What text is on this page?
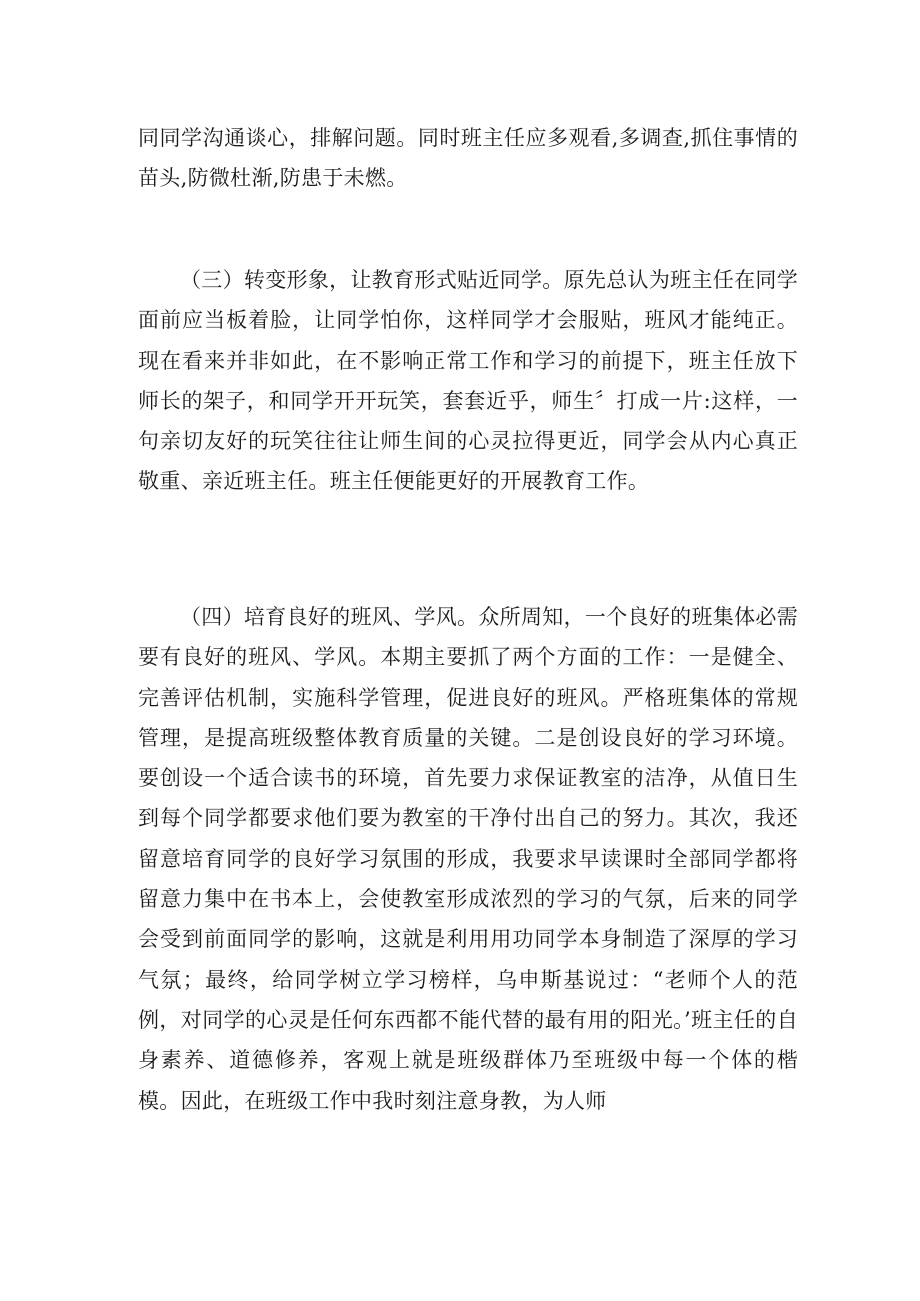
同同学沟通谈心，排解问题。同时班主任应多观看,多调查,抓住事情的苗头,防微杜渐,防患于未燃。

（三）转变形象，让教育形式贴近同学。原先总认为班主任在同学面前应当板着脸，让同学怕你，这样同学才会服贴，班风才能纯正。现在看来并非如此，在不影响正常工作和学习的前提下，班主任放下师长的架子，和同学开开玩笑，套套近乎，师生〞打成一片:这样，一句亲切友好的玩笑往往让师生间的心灵拉得更近，同学会从内心真正敬重、亲近班主任。班主任便能更好的开展教育工作。

（四）培育良好的班风、学风。众所周知，一个良好的班集体必需要有良好的班风、学风。本期主要抓了两个方面的工作：一是健全、完善评估机制，实施科学管理，促进良好的班风。严格班集体的常规管理，是提高班级整体教育质量的关键。二是创设良好的学习环境。要创设一个适合读书的环境，首先要力求保证教室的洁净，从值日生到每个同学都要求他们要为教室的干净付出自己的努力。其次，我还留意培育同学的良好学习氛围的形成，我要求早读课时全部同学都将留意力集中在书本上，会使教室形成浓烈的学习的气氛，后来的同学会受到前面同学的影响，这就是利用用功同学本身制造了深厚的学习气氛；最终，给同学树立学习榜样，乌申斯基说过：“老师个人的范例，对同学的心灵是任何东西都不能代替的最有用的阳光。’班主任的自身素养、道德修养，客观上就是班级群体乃至班级中每一个体的楷模。因此，在班级工作中我时刻注意身教，为人师
